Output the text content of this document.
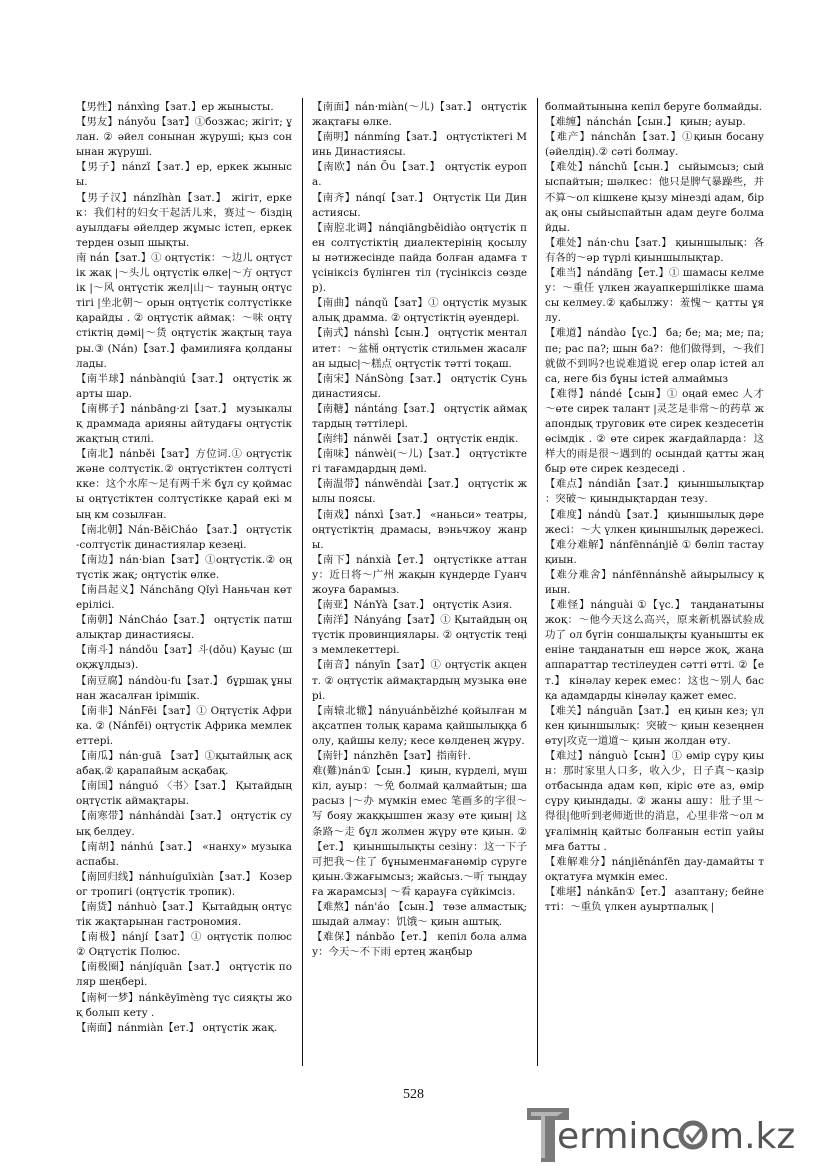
【男性】nánxìng【зат.】ер жынысты.
【男友】nányǒu【зат】①бозжас; жігіт; ұлан. ② әйел сонынан жүруші; қыз сонынан жүруші.
【男子】nánzǐ【зат.】ер, еркек жынысы.
【男子汉】nánzǐhàn【зат.】 жігіт, еркек：我们村的妇女干起活儿来，赛过～ біздің ауылдағы әйелдер жұмыс істеп, еркектерден озып шықты.
南 nán【зат.】① оңтүстік：～边儿 оңтүстік жақ |～头儿 оңтүстік өлке|～方 оңтүстік |～风 оңтүстік жел|山～ тауның оңтүстігі |坐北朝～ орын оңтүстік солтүстікке қарайды . ② оңтүстік аймақ：～味 оңтүстіктің дәмі|～货 оңтүстік жақтың тауары.③ (Nán)【зат.】фамилияға қолданылады.
【南半球】nánbànqiú【зат.】 оңтүстік жарты шар.
【南梆子】nánbāng·zi【зат.】 музыкалық драммада арияны айтудағы оңтүстік жақтың стилі.
【南北】nánběi【зат】方位词.① оңтүстік және солтүстік.② оңтүстіктен солтүстікке：这个水库～足有两千米 бұл су қоймасы оңтүстіктен солтүстікке қарай екі мың км созылған.
【南北朝】Nán-BěiCháo 【зат.】 оңтүстік-солтүстік династиялар кезеңі.
【南边】nán·bian【зат】①оңтүстік.② оңтүстік жақ; оңтүстік өлке.
【南昌起义】Nánchāng Qǐyì Наньчан көтерілісі.
【南朝】NánCháo【зат.】 оңтүстік патшалықтар династиясы.
【南斗】nándǒu【зат】斗(dǒu) Қауыс (шоқжұлдыз).
【南豆腐】nándòu·fu【зат.】 бұршақ ұнынан жасалған ірімшік.
【南非】NánFēi【зат】① Оңтүстік Африка. ② (Nánfēi) оңтүстік Африка мемлекеттері.
【南瓜】nán·guā 【зат】①қытайлық асқабақ.② қарапайым асқабақ.
【南国】nánguó 〈书〉【зат.】 Қытайдың оңтүстік аймақтары.
【南寒带】nánhándài【зат.】 оңтүстік суық белдеу.
【南胡】nánhú【зат.】 «нанху» музыка аспабы.
【南回归线】nánhuíguīxiàn【зат.】 Козерог тропигі (оңтүстік тропик).
【南货】nánhuò【зат.】 Қытайдың оңтүстік жақтарынан гастрономия.
【南极】nánjí【зат】① оңтүстік полюс ② Оңтүстік Полюс.
【南极圈】nánjíquān【зат.】 оңтүстік поляр шеңбері.
【南柯一梦】nánkēyīmèng түс сияқты жоқ болып кету .
【南面】nánmiàn【ет.】 оңтүстік жақ.
【南面】nán·miàn(～儿)【зат.】 оңтүстік жақтағы өлке.
【南明】nánmíng【зат.】 оңтүстіктегі Минь Династиясы.
【南欧】nán Ōu【зат.】 оңтүстік еуропа.
【南齐】nánqí【зат.】 Оңтүстік Ци Династиясы.
【南腔北调】nánqiāngběidiào оңтүстік пен солтүстіктің диалектерінің қосылуы нәтижесінде пайда болған адамға түсініксіз бүлінген тіл (түсініксіз сөздер).
【南曲】nánqǔ【зат】① оңтүстік музыкалық драмма. ② оңтүстіктің әуендері.
【南式】nánshì【сын.】 оңтүстік менталитет：～盆桶 оңтүстік стильмен жасалған ыдыс|～糕点 оңтүстік тәтті тоқаш.
【南宋】NánSòng【зат.】 оңтүстік Сунь династиясы.
【南糖】nántáng【зат.】 оңтүстік аймақтардың тәттілері.
【南纬】nánwěi【зат.】 оңтүстік ендік.
【南味】nánwèi(～儿)【зат.】 оңтүстіктегі тағамдардың дәмі.
【南温带】nánwēndài【зат.】 оңтүстік жылы поясы.
【南戏】nánxì【зат.】 «наньси» театры, оңтүстіктің драмасы, вэньчжоу жанры.
【南下】nánxià【ет.】 оңтүстікке аттану：近日将～广州 жақын күндерде Гуанчжоуға барамыз.
【南亚】NánYà【зат.】 оңтүстік Азия.
【南洋】Nányáng【зат】① Қытайдың оңтүстік провинциялары. ② оңтүстік теңіз мемлекеттері.
【南音】nányīn【зат】① оңтүстік акцент. ② оңтүстік аймақтардың музыка өнері.
【南辕北辙】nányuánběizhé қойылған мақсатпен толық қарама қайшылыққа болу, қайшы келу; кесе көлденең жүру.
【南针】nánzhēn【зат】指南针.
难(難)nán①【сын.】 қиын, күрделі, мүшкіл, ауыр：～免 болмай қалмайтын; шарасыз |～办 мүмкін емес 笔画多的字很～写 бояу жаққышпен жазу өте қиын| 这条路～走 бұл жолмен жүру өте қиын. ②【ет.】 қиыншылықты сезіну：这一下子可把我～住了 бұныменмағанөмір сүруге қиын.③жағымсыз; жайсыз.～听 тыңдауға жарамсыз| ～看 қарауға сүйкімсіз.
【难熬】nán'áo 【сын.】 төзе алмастық; шыдай алмау：饥饿～ қиын аштық.
【难保】nánbǎo【ет.】 кепіл бола алмау：今天～不下雨 ертең жаңбыр
болмайтынына кепіл беруге болмайды.
【难缠】nánchán【сын.】 қиын; ауыр.
【难产】nánchǎn【зат.】①қиын босану (әйелдің).② сәті болмау.
【难处】nánchǔ【сын.】 сыйымсыз; сыйыспайтын; шәлкес：他只是脾气暴躁些，并不算～ол кішкене қызу мінезді адам, бірақ оны сыйыспайтын адам деуге болмайды.
【难处】nán·chu【зат.】 қиыншылық：各有各的～әр түрлі қиыншылықтар.
【难当】nándāng【ет.】① шамасы келмеу：～重任 үлкен жауапкершілікке шамасы келмеу.② қабылжу：羞愧～ қатты ұялу.
【难道】nándào【үс.】 ба; бе; ма; ме; па; пе; рас па?; шын ба?：他们做得到，～我们就做不到吗?也说难道说 егер олар істей алса, неге біз бұны істей алмаймыз
【难得】nándé【сын】① оңай емес 人才～өте сирек талант |灵芝是非常～的药草 жапондық труговик өте сирек кездесетін өсімдік . ② өте сирек жағдайларда：这样大的雨是很～遇到的 осындай қатты жаңбыр өте сирек кездеседі .
【难点】nándiǎn【зат.】 қиыншылықтар ：突破～ қиындықтардан тезу.
【难度】nándù【зат.】 қиыншылық дәрежесі：～大 үлкен қиыншылық дәрежесі.
【难分难解】nánfēnnánjiě ① бөліп тастау қиын.
【难分难舍】nánfēnnánshě айырылысу қиын.
【难怪】nánguài ①【үс.】 таңданатыны жоқ：～他今天这么高兴，原来新机器试验成功了 ол бүгін соншалықты қуанышты екеніне таңданатын еш нәрсе жоқ, жаңа аппараттар тестілеуден сәтті өтті. ②【ет.】 кінәлау керек емес：这也～别人 басқа адамдарды кінәлау қажет емес.
【难关】nánguān【зат.】 ең қиын кез; үлкен қиыншылық：突破～ қиын кезеңнен өту|攻克一道道～ қиын жолдан өту.
【难过】nánguò【сын】① өмір сүру қиын：那时家里人口多，收入少，日子真～қазір отбасында адам көп, кіріс өте аз, өмір сүру қиындады. ② жаны ашу：肚子里～得很|他听到老师逝世的消息，心里非常～ол мұғалімнің қайтыс болғанын естіп уайымға батты .
【难解难分】nánjiěnánfēn дау-дамайты тоқтатуға мүмкін емес.
【难堪】nánkān①【ет.】 азаптану; бейнетті：～重负 үлкен ауыртпалық |
528
erminc m.kz
